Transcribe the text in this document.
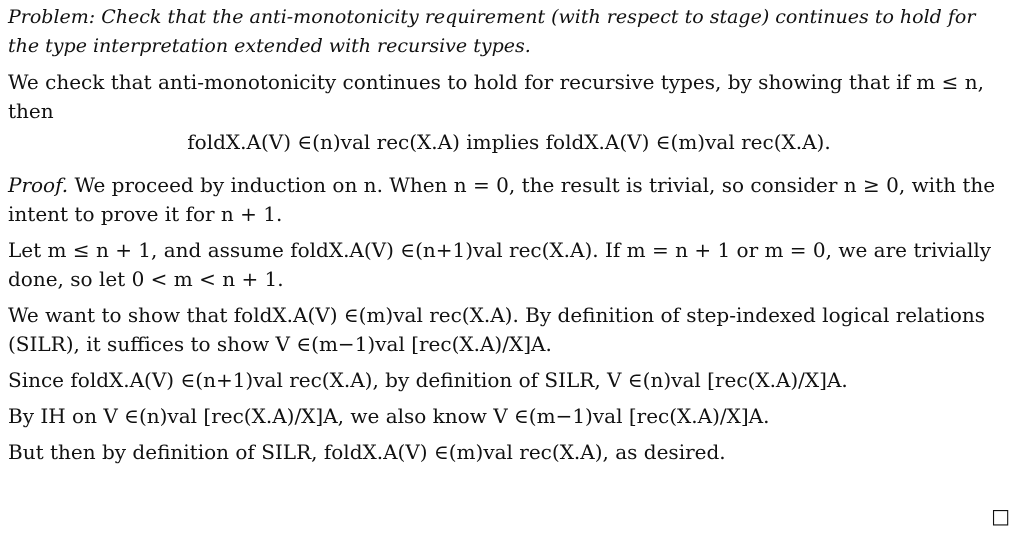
Problem: Check that the anti-monotonicity requirement (with respect to stage) continues to hold for the type interpretation extended with recursive types.

We check that anti-monotonicity continues to hold for recursive types, by showing that if m ≤ n, then

foldX.A(V) ∈(n)val rec(X.A) implies foldX.A(V) ∈(m)val rec(X.A).

Proof. We proceed by induction on n. When n = 0, the result is trivial, so consider n ≥ 0, with the intent to prove it for n + 1.

Let m ≤ n + 1, and assume foldX.A(V) ∈(n+1)val rec(X.A). If m = n + 1 or m = 0, we are trivially done, so let 0 < m < n + 1.

We want to show that foldX.A(V) ∈(m)val rec(X.A). By definition of step-indexed logical relations (SILR), it suffices to show V ∈(m−1)val [rec(X.A)/X]A.

Since foldX.A(V) ∈(n+1)val rec(X.A), by definition of SILR, V ∈(n)val [rec(X.A)/X]A.

By IH on V ∈(n)val [rec(X.A)/X]A, we also know V ∈(m−1)val [rec(X.A)/X]A.

But then by definition of SILR, foldX.A(V) ∈(m)val rec(X.A), as desired.

□
